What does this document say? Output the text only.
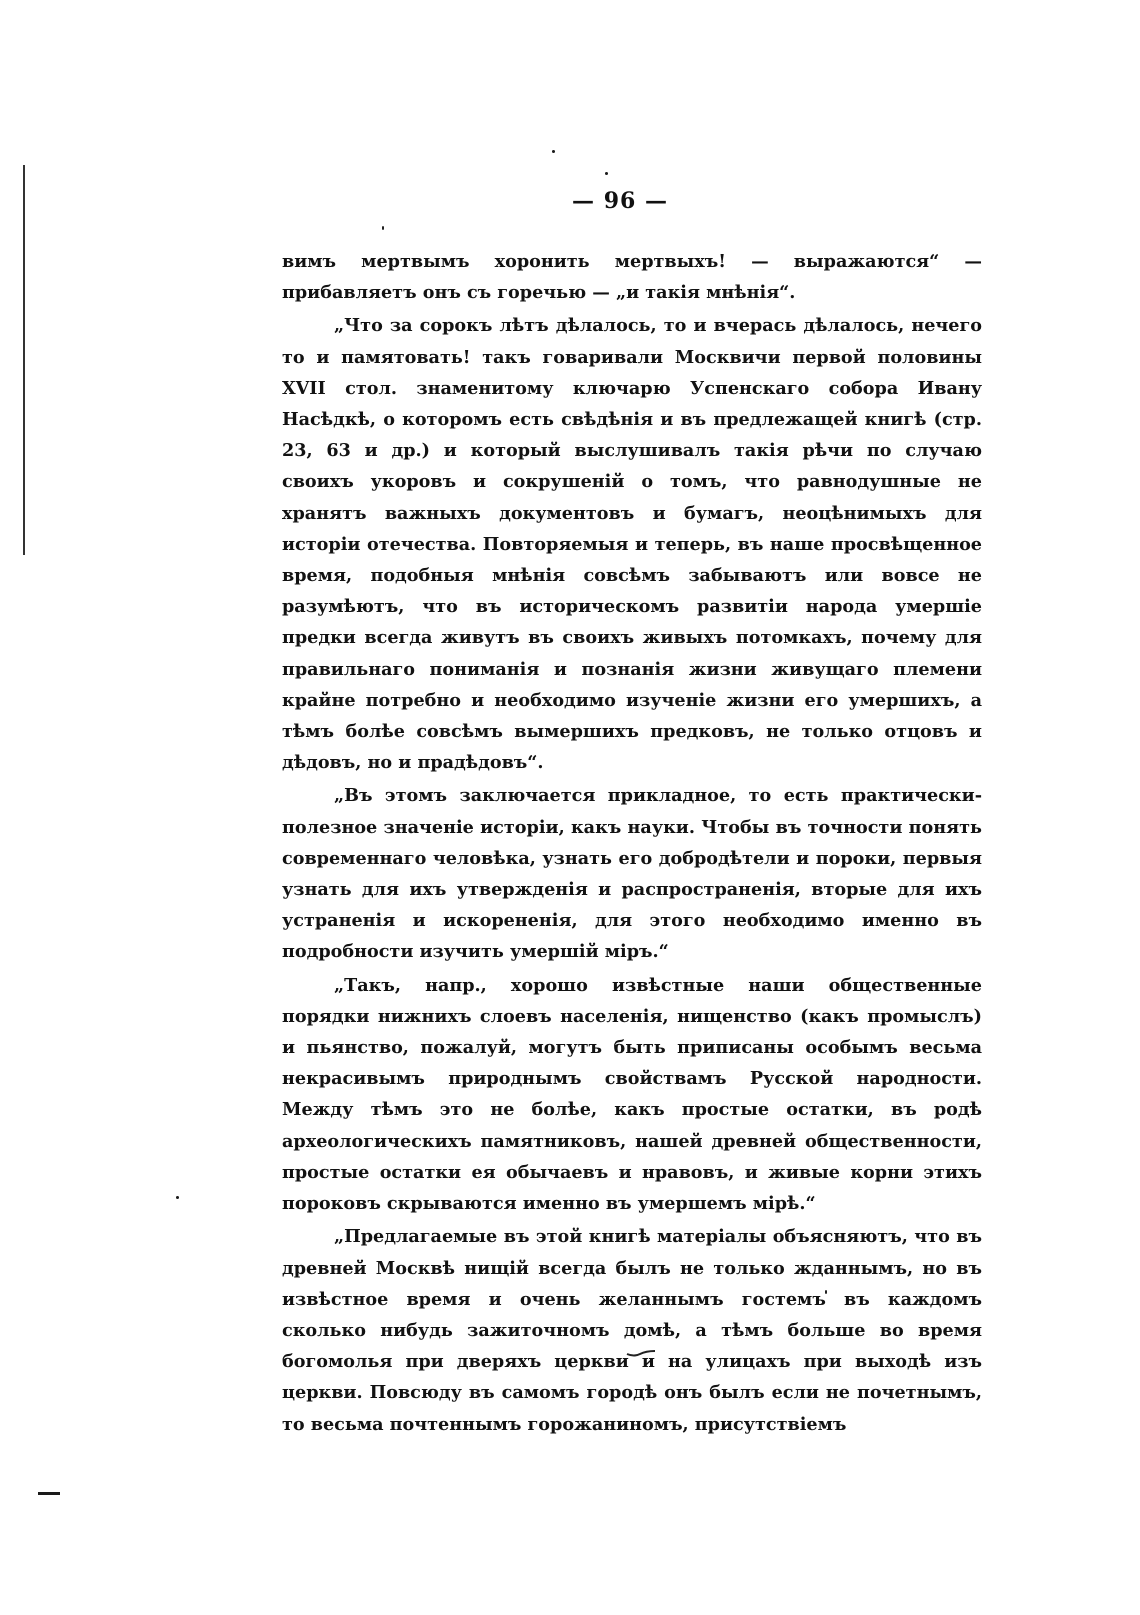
— 96 —

вимъ мертвымъ хоронить мертвыхъ! — выражаются“ — прибавляетъ онъ съ горечью — „и такія мнѣнія“.

„Что за сорокъ лѣтъ дѣлалось, то и вчерась дѣлалось, нечего то и памятовать! такъ говаривали Москвичи первой половины XVII стол. знаменитому ключарю Успенскаго собора Ивану Насѣдкѣ, о которомъ есть свѣдѣнія и въ предлежащей книгѣ (стр. 23, 63 и др.) и который выслушивалъ такія рѣчи по случаю своихъ укоровъ и сокрушеній о томъ, что равнодушные не хранятъ важныхъ документовъ и бумагъ, неоцѣнимыхъ для исторіи отечества. Повторяемыя и теперь, въ наше просвѣщенное время, подобныя мнѣнія совсѣмъ забываютъ или вовсе не разумѣютъ, что въ историческомъ развитіи народа умершіе предки всегда живутъ въ своихъ живыхъ потомкахъ, почему для правильнаго пониманія и познанія жизни живущаго племени крайне потребно и необходимо изученіе жизни его умершихъ, а тѣмъ болѣе совсѣмъ вымершихъ предковъ, не только отцовъ и дѣдовъ, но и прадѣдовъ“.

„Въ этомъ заключается прикладное, то есть практически-полезное значеніе исторіи, какъ науки. Чтобы въ точности понять современнаго человѣка, узнать его добродѣтели и пороки, первыя узнать для ихъ утвержденія и распространенія, вторые для ихъ устраненія и искорененія, для этого необходимо именно въ подробности изучить умершій міръ.“

„Такъ, напр., хорошо извѣстные наши общественные порядки нижнихъ слоевъ населенія, нищенство (какъ промыслъ) и пьянство, пожалуй, могутъ быть приписаны особымъ весьма некрасивымъ природнымъ свойствамъ Русской народности. Между тѣмъ это не болѣе, какъ простые остатки, въ родѣ археологическихъ памятниковъ, нашей древней общественности, простые остатки ея обычаевъ и нравовъ, и живые корни этихъ пороковъ скрываются именно въ умершемъ мірѣ.“

„Предлагаемые въ этой книгѣ матеріалы объясняютъ, что въ древней Москвѣ нищій всегда былъ не только жданнымъ, но въ извѣстное время и очень желаннымъ гостемъ въ каждомъ сколько нибудь зажиточномъ домѣ, а тѣмъ больше во время богомолья при дверяхъ церкви и на улицахъ при выходѣ изъ церкви. Повсюду въ самомъ городѣ онъ былъ если не почетнымъ, то весьма почтеннымъ горожаниномъ, присутствіемъ
